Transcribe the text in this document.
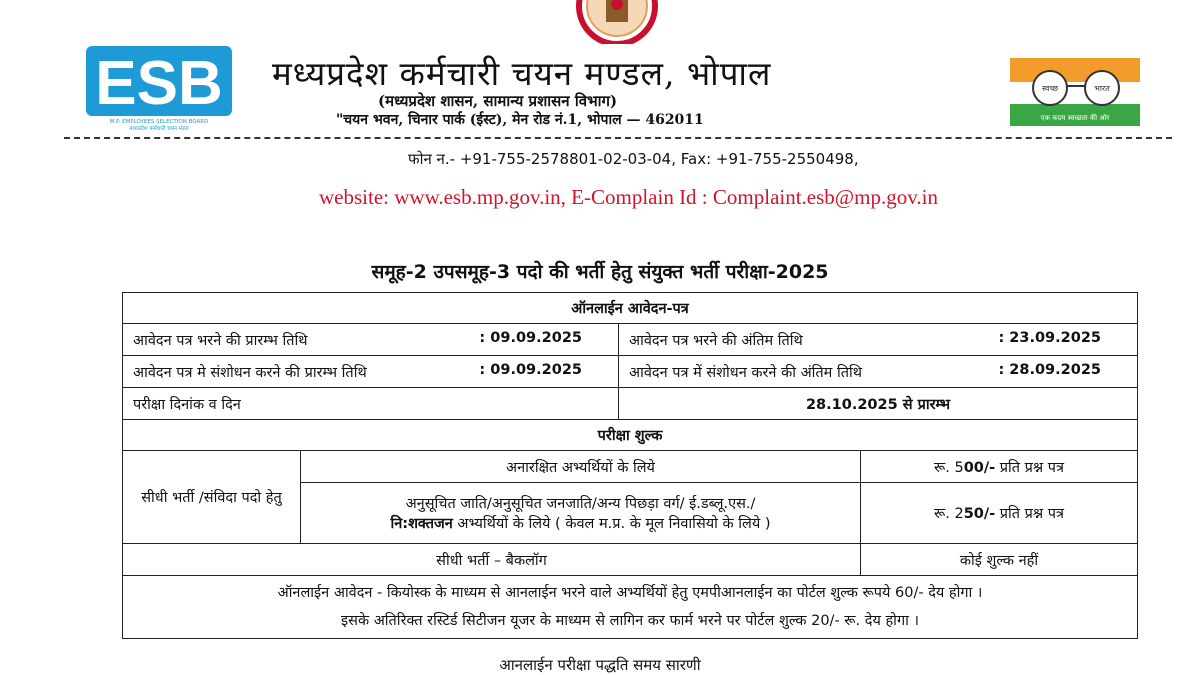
ESB
M.P. EMPLOYEES SELECTION BOARD
मध्यप्रदेश कर्मचारी चयन मंडल
स्वच्छ	भारत
एक कदम स्वच्छता की ओर
मध्यप्रदेश कर्मचारी चयन मण्डल, भोपाल
(मध्यप्रदेश शासन, सामान्य प्रशासन विभाग)
"चयन भवन, चिनार पार्क (ईस्ट), मेन रोड नं.1, भोपाल — 462011
फोन न.- +91-755-2578801-02-03-04, Fax: +91-755-2550498,
website: www.esb.mp.gov.in, E-Complain Id : Complaint.esb@mp.gov.in
समूह-2 उपसमूह-3 पदो की भर्ती हेतु संयुक्त भर्ती परीक्षा-2025
ऑनलाईन आवेदन-पत्र			

आवेदन पत्र भरने की प्रारम्भ तिथि : 09.09.2025		आवेदन पत्र भरने की अंतिम तिथि : 23.09.2025	

आवेदन पत्र मे संशोधन करने की प्रारम्भ तिथि : 09.09.2025		आवेदन पत्र में संशोधन करने की अंतिम तिथि : 28.09.2025	

परीक्षा दिनांक व दिन		28.10.2025 से प्रारम्भ	
परीक्षा शुल्क			
सीधी भर्ती /संविदा पदो हेतु	अनारक्षित अभ्यर्थियों के लिये		रू. 500/- प्रति प्रश्न पत्र

	अनुसूचित जाति/अनुसूचित जनजाति/अन्य पिछड़ा वर्ग/ ई.डब्लू.एस./
नि:शक्तजन अभ्यर्थियों के लिये ( केवल म.प्र. के मूल निवासियो के लिये )		रू. 250/- प्रति प्रश्न पत्र
सीधी भर्ती – बैकलॉग			कोई शुल्क नहीं

ऑनलाईन आवेदन - कियोस्क के माध्यम से आनलाईन भरने वाले अभ्यर्थियों हेतु एमपीआनलाईन का पोर्टल शुल्क रूपये 60/- देय होगा ।
इसके अतिरिक्त रस्टिर्ड सिटीजन यूजर के माध्यम से लागिन कर फार्म भरने पर पोर्टल शुल्क 20/- रू. देय होगा ।			
आनलाईन परीक्षा पद्धति समय सारणी
